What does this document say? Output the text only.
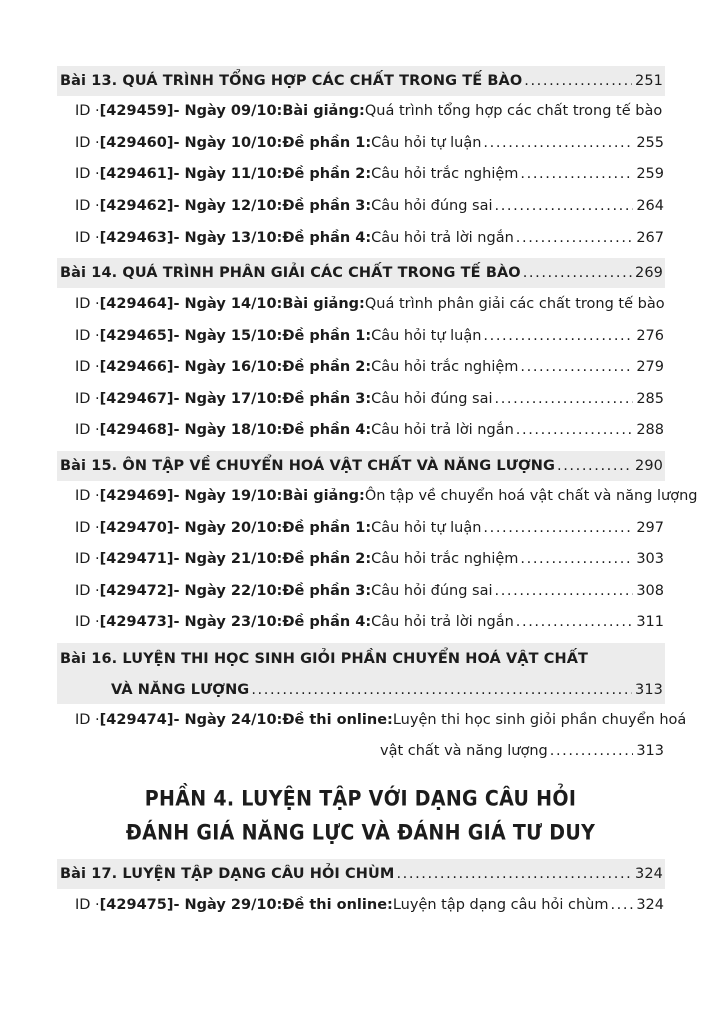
Bài 13. QUÁ TRÌNH TỔNG HỢP CÁC CHẤT TRONG TẾ BÀO .....	251
ID · [429459] - Ngày 09/10: Bài giảng: Quá trình tổng hợp các chất trong tế bào
ID · [429460] - Ngày 10/10: Đề phần 1: Câu hỏi tự luận .....	255
ID · [429461] - Ngày 11/10: Đề phần 2: Câu hỏi trắc nghiệm .....	259
ID · [429462] - Ngày 12/10: Đề phần 3: Câu hỏi đúng sai .....	264
ID · [429463] - Ngày 13/10: Đề phần 4: Câu hỏi trả lời ngắn .....	267
Bài 14. QUÁ TRÌNH PHÂN GIẢI CÁC CHẤT TRONG TẾ BÀO .....	269
ID · [429464] - Ngày 14/10: Bài giảng: Quá trình phân giải các chất trong tế bào
ID · [429465] - Ngày 15/10: Đề phần 1: Câu hỏi tự luận .....	276
ID · [429466] - Ngày 16/10: Đề phần 2: Câu hỏi trắc nghiệm .....	279
ID · [429467] - Ngày 17/10: Đề phần 3: Câu hỏi đúng sai .....	285
ID · [429468] - Ngày 18/10: Đề phần 4: Câu hỏi trả lời ngắn .....	288
Bài 15. ÔN TẬP VỀ CHUYỂN HOÁ VẬT CHẤT VÀ NĂNG LƯỢNG .....	290
ID · [429469] - Ngày 19/10: Bài giảng: Ôn tập về chuyển hoá vật chất và năng lượng
ID · [429470] - Ngày 20/10: Đề phần 1: Câu hỏi tự luận .....	297
ID · [429471] - Ngày 21/10: Đề phần 2: Câu hỏi trắc nghiệm .....	303
ID · [429472] - Ngày 22/10: Đề phần 3: Câu hỏi đúng sai .....	308
ID · [429473] - Ngày 23/10: Đề phần 4: Câu hỏi trả lời ngắn .....	311
Bài 16. LUYỆN THI HỌC SINH GIỎI PHẦN CHUYỂN HOÁ VẬT CHẤT
VÀ NĂNG LƯỢNG .....	313
ID · [429474] - Ngày 24/10: Đề thi online: Luyện thi học sinh giỏi phần chuyển hoá
vật chất và năng lượng .....	313
PHẦN 4. LUYỆN TẬP VỚI DẠNG CÂU HỎI
ĐÁNH GIÁ NĂNG LỰC VÀ ĐÁNH GIÁ TƯ DUY
Bài 17. LUYỆN TẬP DẠNG CÂU HỎI CHÙM .....	324
ID · [429475] - Ngày 29/10: Đề thi online: Luyện tập dạng câu hỏi chùm ..... 324
